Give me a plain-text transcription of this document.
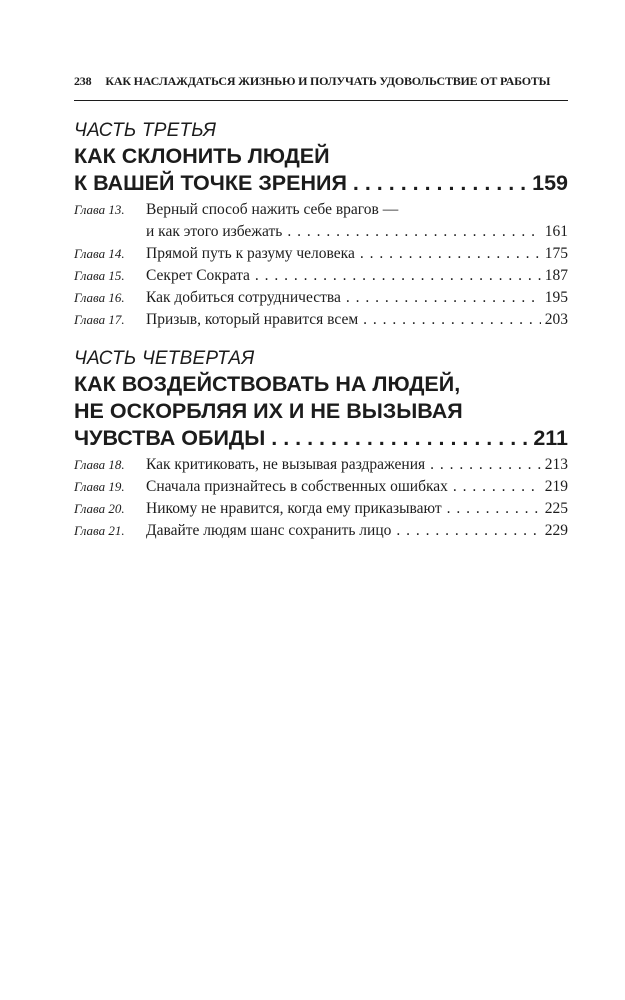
238 КАК НАСЛАЖДАТЬСЯ ЖИЗНЬЮ И ПОЛУЧАТЬ УДОВОЛЬСТВИЕ ОТ РАБОТЫ
ЧАСТЬ ТРЕТЬЯ
КАК СКЛОНИТЬ ЛЮДЕЙ
К ВАШЕЙ ТОЧКЕ ЗРЕНИЯ . . .	159
Глава 13.	Верный способ нажить себе врагов —
и как этого избежать . . .	161
Глава 14.	Прямой путь к разуму человека . . .	175
Глава 15.	Секрет Сократа . . .	187
Глава 16.	Как добиться сотрудничества . . .	195
Глава 17.	Призыв, который нравится всем . . .	203
ЧАСТЬ ЧЕТВЕРТАЯ
КАК ВОЗДЕЙСТВОВАТЬ НА ЛЮДЕЙ,
НЕ ОСКОРБЛЯЯ ИХ И НЕ ВЫЗЫВАЯ
ЧУВСТВА ОБИДЫ . . .	211
Глава 18.	Как критиковать, не вызывая раздражения . . .	213
Глава 19.	Сначала признайтесь в собственных ошибках . . .	219
Глава 20.	Никому не нравится, когда ему приказывают . . .	225
Глава 21.	Давайте людям шанс сохранить лицо . . .	229
